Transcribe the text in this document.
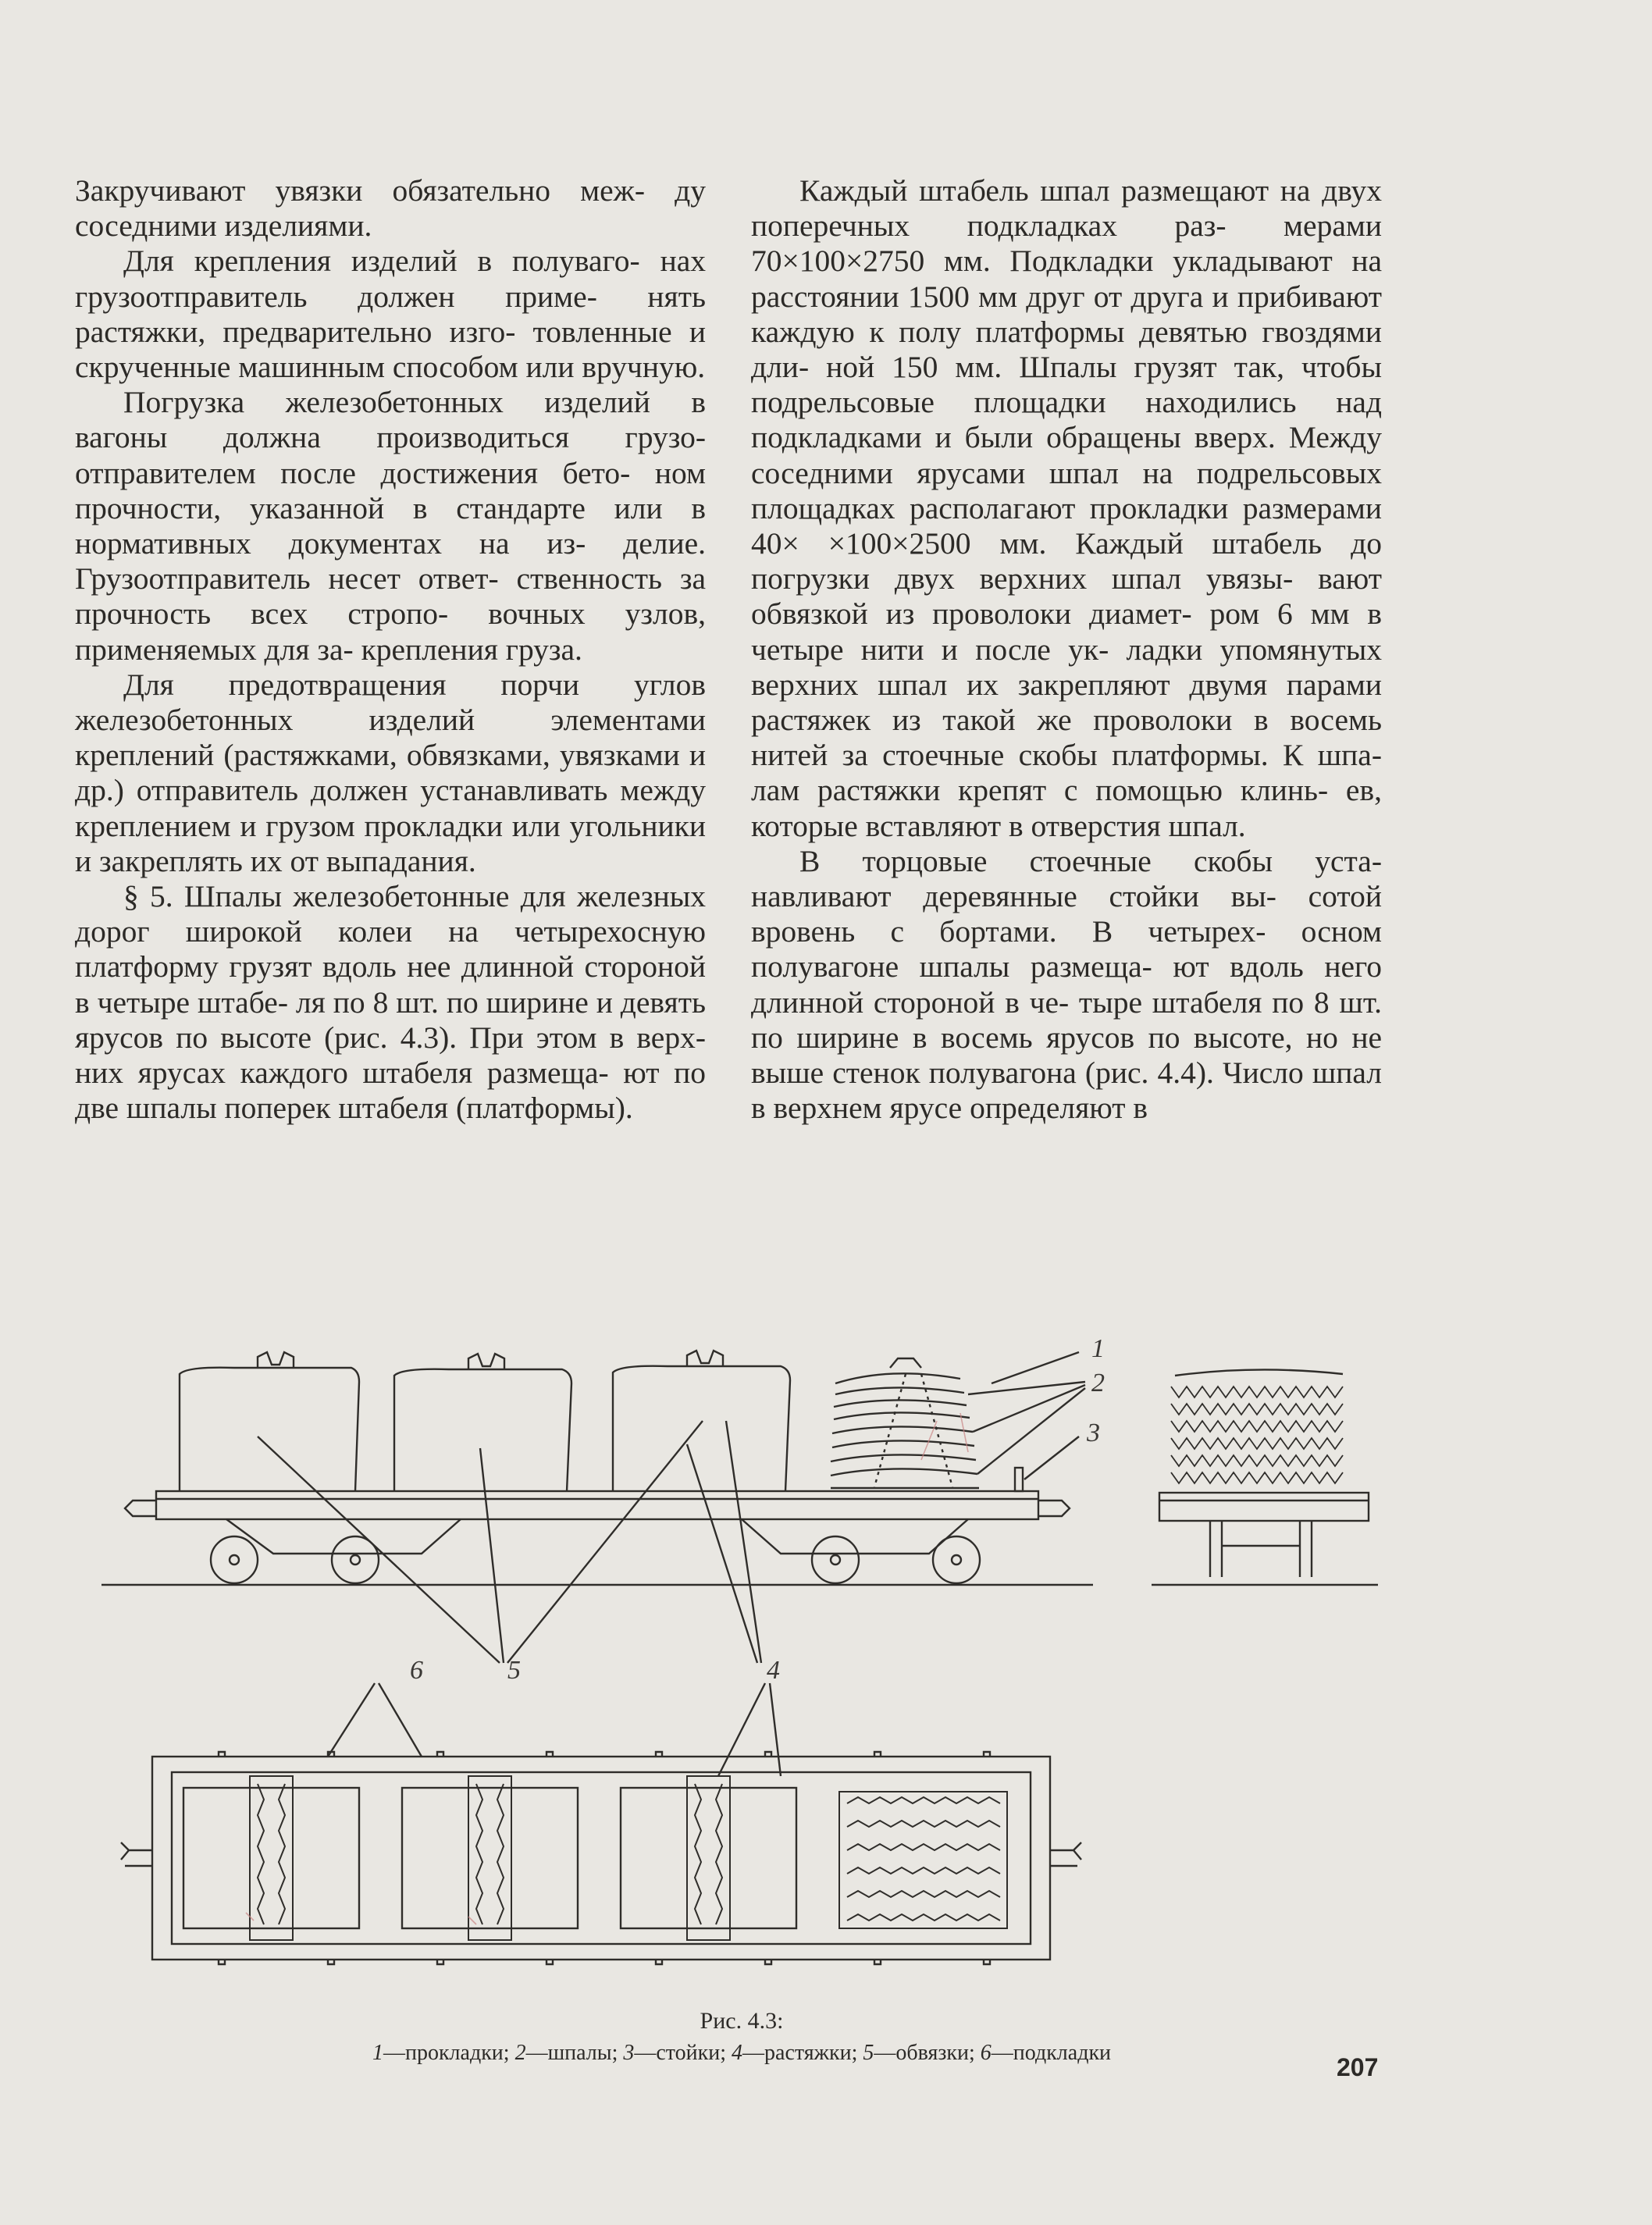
Закручивают увязки обязательно меж- ду соседними изделиями.

Для крепления изделий в полуваго- нах грузоотправитель должен приме- нять растяжки, предварительно изго- товленные и скрученные машинным способом или вручную.

Погрузка железобетонных изделий в вагоны должна производиться грузо- отправителем после достижения бето- ном прочности, указанной в стандарте или в нормативных документах на из- делие. Грузоотправитель несет ответ- ственность за прочность всех стропо- вочных узлов, применяемых для за- крепления груза.

Для предотвращения порчи углов железобетонных изделий элементами креплений (растяжками, обвязками, увязками и др.) отправитель должен устанавливать между креплением и грузом прокладки или угольники и закреплять их от выпадания.

§ 5. Шпалы железобетонные для железных дорог широкой колеи на четырехосную платформу грузят вдоль нее длинной стороной в четыре штабе- ля по 8 шт. по ширине и девять ярусов по высоте (рис. 4.3). При этом в верх- них ярусах каждого штабеля размеща- ют по две шпалы поперек штабеля (платформы).

Каждый штабель шпал размещают на двух поперечных подкладках раз- мерами 70×100×2750 мм. Подкладки укладывают на расстоянии 1500 мм друг от друга и прибивают каждую к полу платформы девятью гвоздями дли- ной 150 мм. Шпалы грузят так, чтобы подрельсовые площадки находились над подкладками и были обращены вверх. Между соседними ярусами шпал на подрельсовых площадках располагают прокладки размерами 40× ×100×2500 мм. Каждый штабель до погрузки двух верхних шпал увязы- вают обвязкой из проволоки диамет- ром 6 мм в четыре нити и после ук- ладки упомянутых верхних шпал их закрепляют двумя парами растяжек из такой же проволоки в восемь нитей за стоечные скобы платформы. К шпа- лам растяжки крепят с помощью клинь- ев, которые вставляют в отверстия шпал.

В торцовые стоечные скобы уста- навливают деревянные стойки вы- сотой вровень с бортами. В четырех- осном полувагоне шпалы размеща- ют вдоль него длинной стороной в че- тыре штабеля по 8 шт. по ширине в восемь ярусов по высоте, но не выше стенок полувагона (рис. 4.4). Число шпал в верхнем ярусе определяют в

1
2
3
4
5
6
Рис. 4.3:
1—прокладки; 2—шпалы; 3—стойки; 4—растяжки; 5—обвязки; 6—подкладки
207
